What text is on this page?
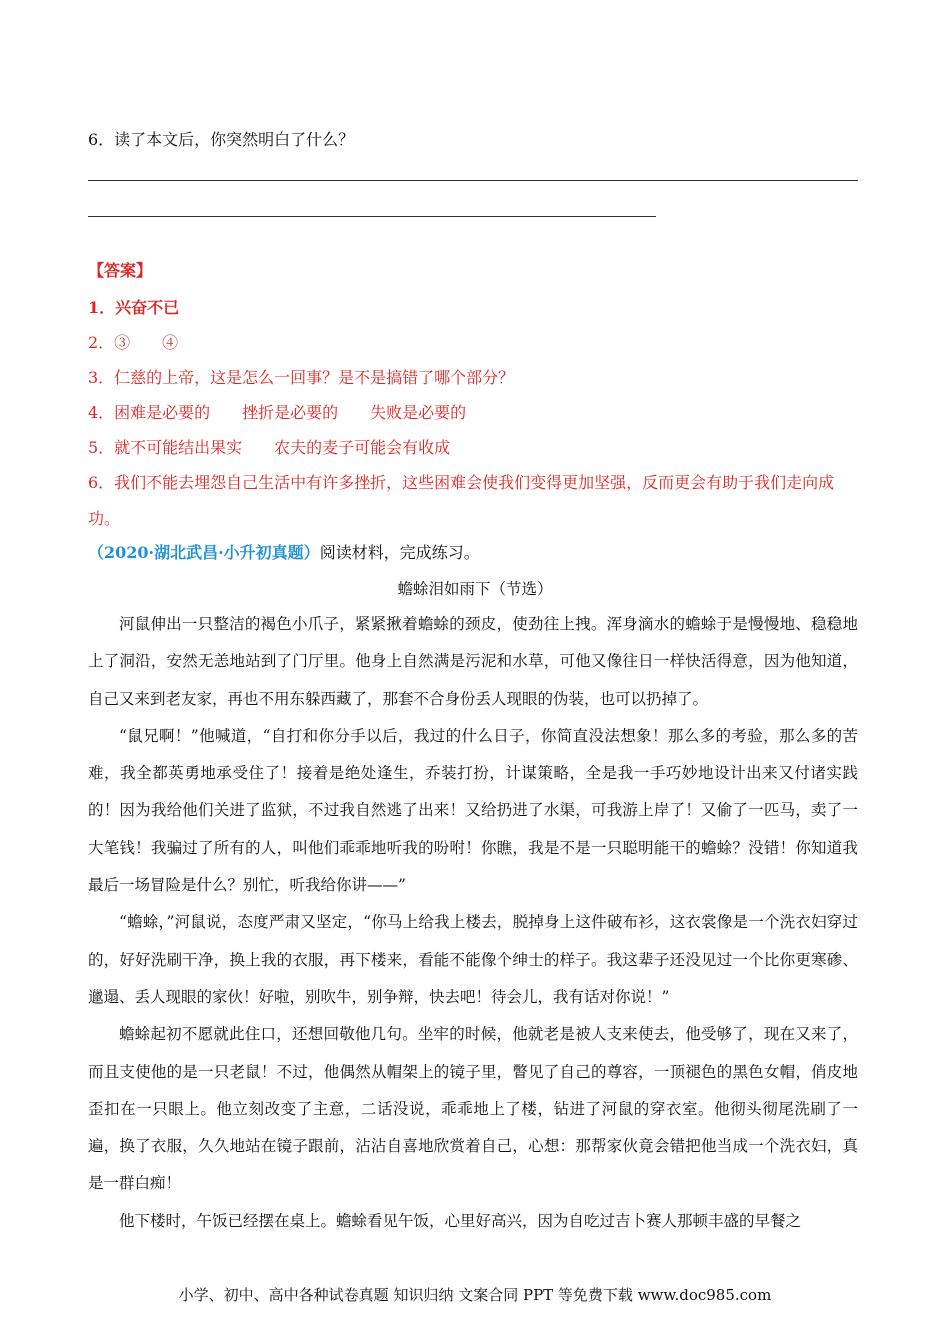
6．读了本文后，你突然明白了什么？
【答案】
1．兴奋不已
2．③　　④
3．仁慈的上帝，这是怎么一回事？是不是搞错了哪个部分？
4．困难是必要的　　挫折是必要的　　失败是必要的
5．就不可能结出果实　　农夫的麦子可能会有收成
6．我们不能去埋怨自己生活中有许多挫折，这些困难会使我们变得更加坚强，反而更会有助于我们走向成功。
（2020·湖北武昌·小升初真题）阅读材料，完成练习。
蟾蜍泪如雨下（节选）

河鼠伸出一只整洁的褐色小爪子，紧紧揪着蟾蜍的颈皮，使劲往上拽。浑身滴水的蟾蜍于是慢慢地、稳稳地上了洞沿，安然无恙地站到了门厅里。他身上自然满是污泥和水草，可他又像往日一样快活得意，因为他知道，自己又来到老友家，再也不用东躲西藏了，那套不合身份丢人现眼的伪装，也可以扔掉了。

“鼠兄啊！”他喊道，“自打和你分手以后，我过的什么日子，你简直没法想象！那么多的考验，那么多的苦难，我全都英勇地承受住了！接着是绝处逢生，乔装打扮，计谋策略，全是我一手巧妙地设计出来又付诸实践的！因为我给他们关进了监狱，不过我自然逃了出来！又给扔进了水渠，可我游上岸了！又偷了一匹马，卖了一大笔钱！我骗过了所有的人，叫他们乖乖地听我的吩咐！你瞧，我是不是一只聪明能干的蟾蜍？没错！你知道我最后一场冒险是什么？别忙，听我给你讲——”

“蟾蜍，”河鼠说，态度严肃又坚定，“你马上给我上楼去，脱掉身上这件破布衫，这衣裳像是一个洗衣妇穿过的，好好洗刷干净，换上我的衣服，再下楼来，看能不能像个绅士的样子。我这辈子还没见过一个比你更寒碜、邋遢、丢人现眼的家伙！好啦，别吹牛，别争辩，快去吧！待会儿，我有话对你说！”

蟾蜍起初不愿就此住口，还想回敬他几句。坐牢的时候，他就老是被人支来使去，他受够了，现在又来了，而且支使他的是一只老鼠！不过，他偶然从帽架上的镜子里，瞥见了自己的尊容，一顶褪色的黑色女帽，俏皮地歪扣在一只眼上。他立刻改变了主意，二话没说，乖乖地上了楼，钻进了河鼠的穿衣室。他彻头彻尾洗刷了一遍，换了衣服，久久地站在镜子跟前，沾沾自喜地欣赏着自己，心想：那帮家伙竟会错把他当成一个洗衣妇，真是一群白痴！

他下楼时，午饭已经摆在桌上。蟾蜍看见午饭，心里好高兴，因为自吃过吉卜赛人那顿丰盛的早餐之

小学、初中、高中各种试卷真题 知识归纳 文案合同 PPT 等免费下载 www.doc985.com
